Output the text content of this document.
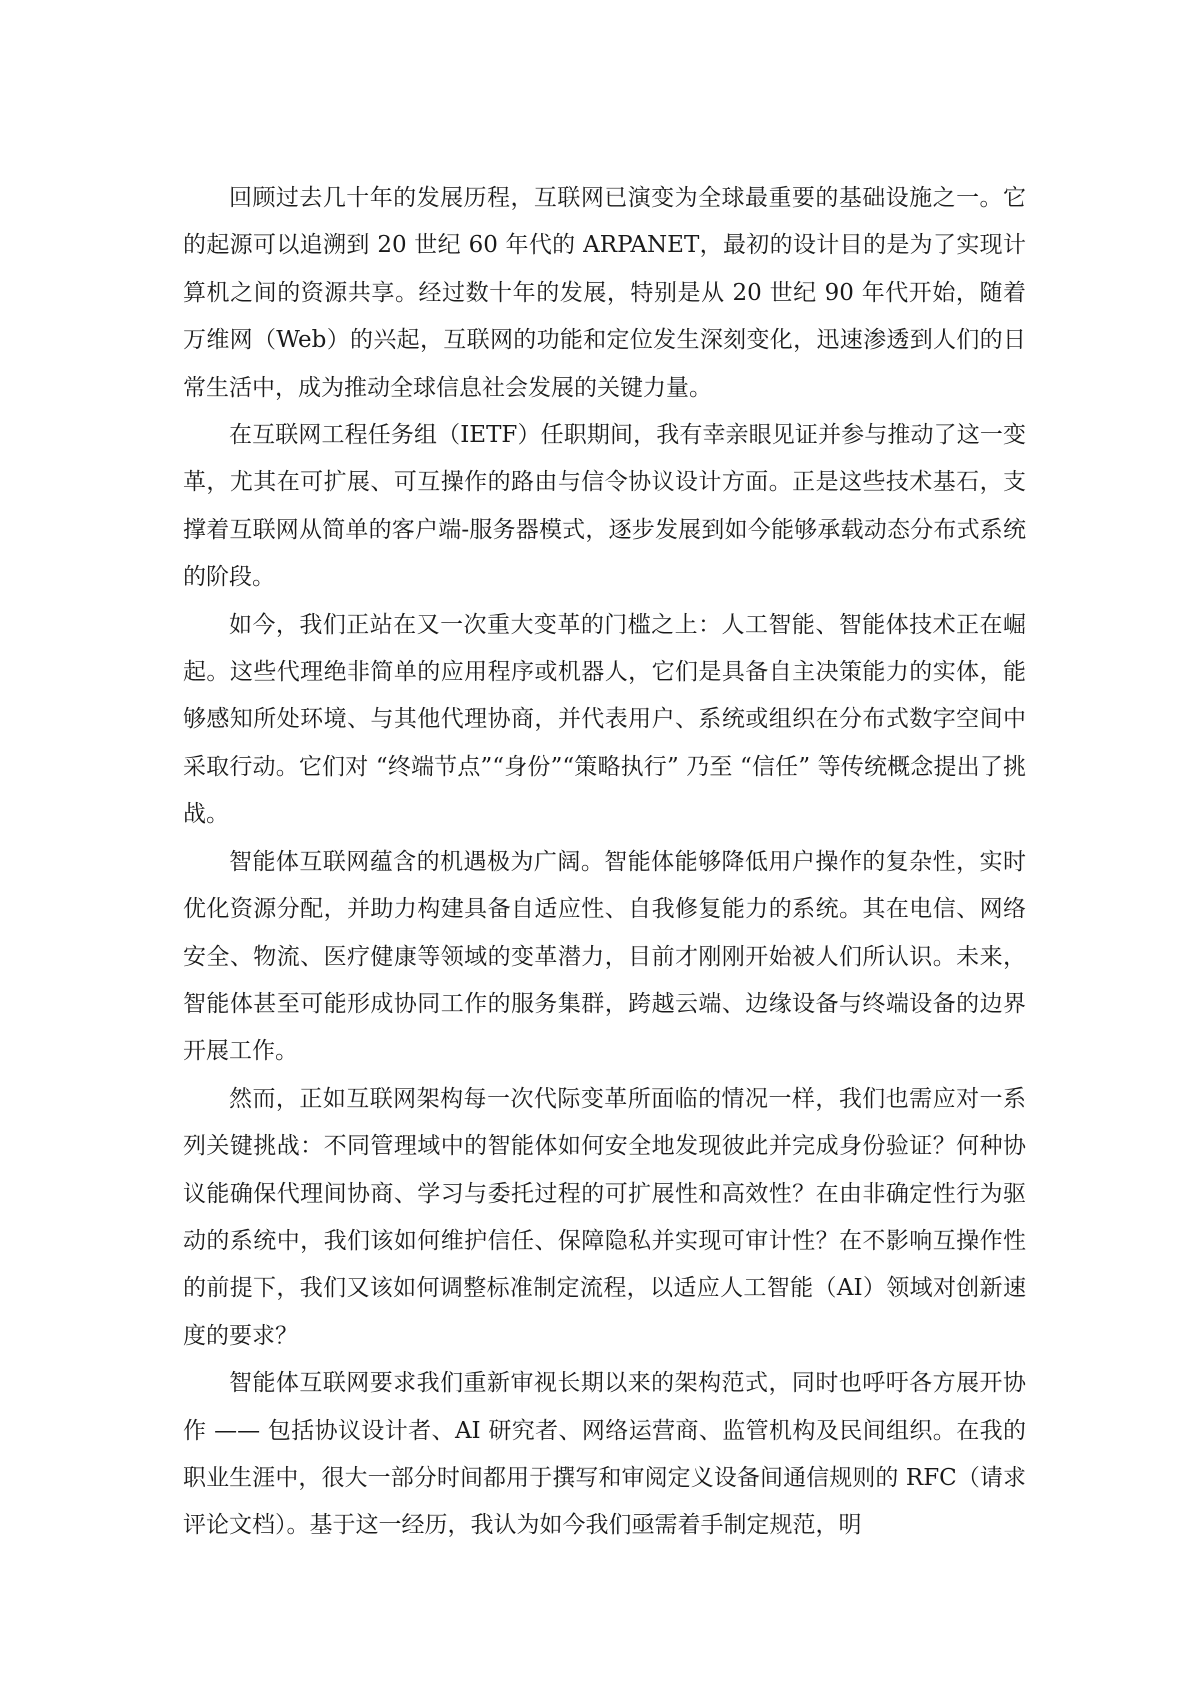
回顾过去几十年的发展历程，互联网已演变为全球最重要的基础设施之一。它的起源可以追溯到 20 世纪 60 年代的 ARPANET，最初的设计目的是为了实现计算机之间的资源共享。经过数十年的发展，特别是从 20 世纪 90 年代开始，随着万维网（Web）的兴起，互联网的功能和定位发生深刻变化，迅速渗透到人们的日常生活中，成为推动全球信息社会发展的关键力量。

在互联网工程任务组（IETF）任职期间，我有幸亲眼见证并参与推动了这一变革，尤其在可扩展、可互操作的路由与信令协议设计方面。正是这些技术基石，支撑着互联网从简单的客户端-服务器模式，逐步发展到如今能够承载动态分布式系统的阶段。

如今，我们正站在又一次重大变革的门槛之上：人工智能、智能体技术正在崛起。这些代理绝非简单的应用程序或机器人，它们是具备自主决策能力的实体，能够感知所处环境、与其他代理协商，并代表用户、系统或组织在分布式数字空间中采取行动。它们对 “终端节点”“身份”“策略执行” 乃至 “信任” 等传统概念提出了挑战。

智能体互联网蕴含的机遇极为广阔。智能体能够降低用户操作的复杂性，实时优化资源分配，并助力构建具备自适应性、自我修复能力的系统。其在电信、网络安全、物流、医疗健康等领域的变革潜力，目前才刚刚开始被人们所认识。未来，智能体甚至可能形成协同工作的服务集群，跨越云端、边缘设备与终端设备的边界开展工作。

然而，正如互联网架构每一次代际变革所面临的情况一样，我们也需应对一系列关键挑战：不同管理域中的智能体如何安全地发现彼此并完成身份验证？何种协议能确保代理间协商、学习与委托过程的可扩展性和高效性？在由非确定性行为驱动的系统中，我们该如何维护信任、保障隐私并实现可审计性？在不影响互操作性的前提下，我们又该如何调整标准制定流程，以适应人工智能（AI）领域对创新速度的要求？

智能体互联网要求我们重新审视长期以来的架构范式，同时也呼吁各方展开协作 —— 包括协议设计者、AI 研究者、网络运营商、监管机构及民间组织。在我的职业生涯中，很大一部分时间都用于撰写和审阅定义设备间通信规则的 RFC（请求评论文档）。基于这一经历，我认为如今我们亟需着手制定规范，明
